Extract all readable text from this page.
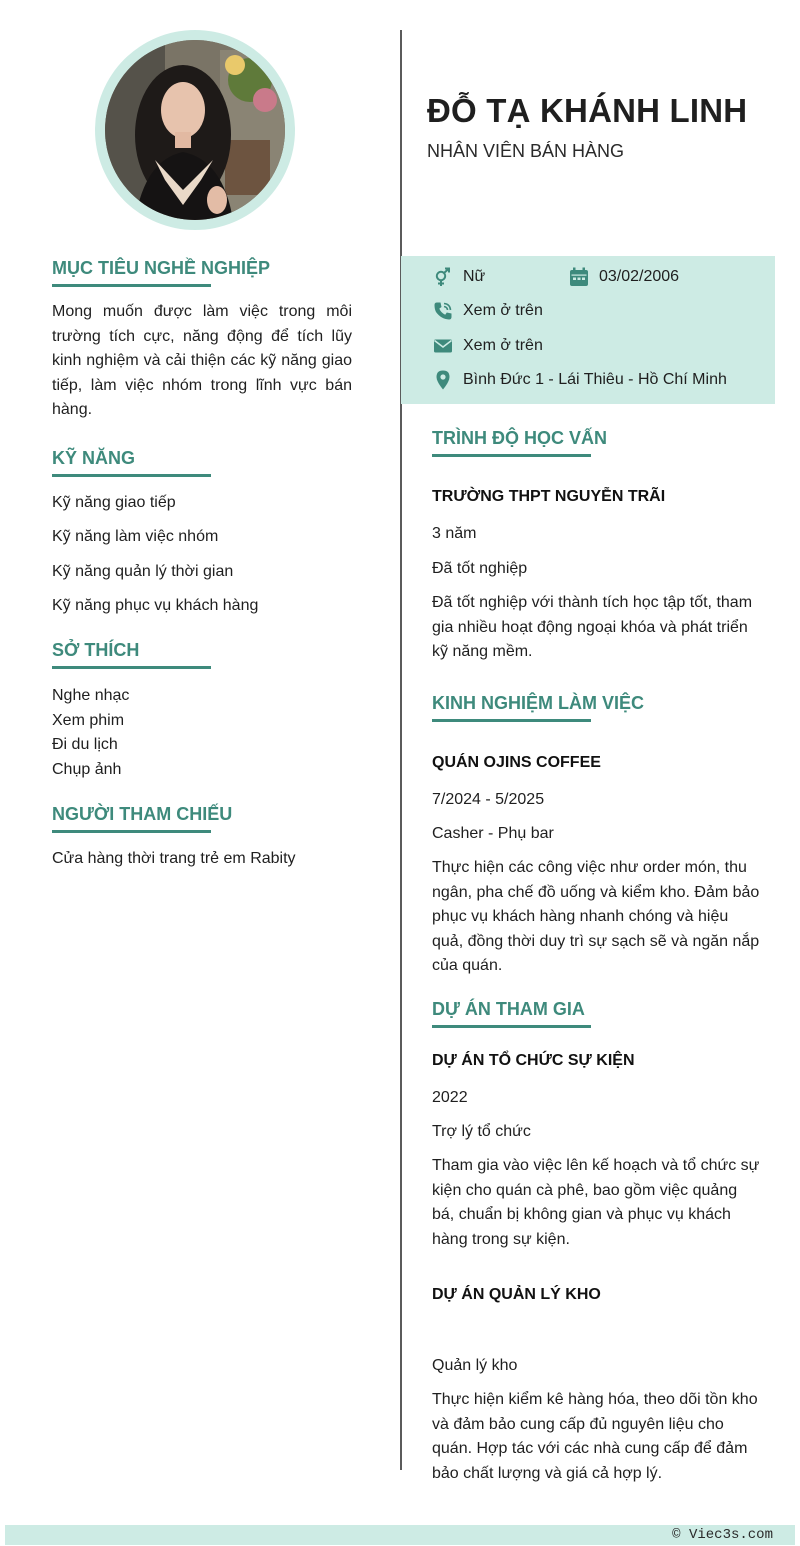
ĐỖ TẠ KHÁNH LINH
NHÂN VIÊN BÁN HÀNG
Nữ	03/02/2006
Xem ở trên
Xem ở trên
Bình Đức 1 - Lái Thiêu - Hồ Chí Minh
MỤC TIÊU NGHỀ NGHIỆP

Mong muốn được làm việc trong môi trường tích cực, năng động để tích lũy kinh nghiệm và cải thiện các kỹ năng giao tiếp, làm việc nhóm trong lĩnh vực bán hàng.

KỸ NĂNG

Kỹ năng giao tiếp

Kỹ năng làm việc nhóm

Kỹ năng quản lý thời gian

Kỹ năng phục vụ khách hàng

SỞ THÍCH

Nghe nhạc

Xem phim

Đi du lịch

Chụp ảnh

NGƯỜI THAM CHIẾU

Cửa hàng thời trang trẻ em Rabity

TRÌNH ĐỘ HỌC VẤN

TRƯỜNG THPT NGUYỄN TRÃI

3 năm

Đã tốt nghiệp

Đã tốt nghiệp với thành tích học tập tốt, tham gia nhiều hoạt động ngoại khóa và phát triển kỹ năng mềm.

KINH NGHIỆM LÀM VIỆC

QUÁN OJINS COFFEE

7/2024 - 5/2025

Casher - Phụ bar

Thực hiện các công việc như order món, thu ngân, pha chế đồ uống và kiểm kho. Đảm bảo phục vụ khách hàng nhanh chóng và hiệu quả, đồng thời duy trì sự sạch sẽ và ngăn nắp của quán.

DỰ ÁN THAM GIA

DỰ ÁN TỔ CHỨC SỰ KIỆN

2022

Trợ lý tổ chức

Tham gia vào việc lên kế hoạch và tổ chức sự kiện cho quán cà phê, bao gồm việc quảng bá, chuẩn bị không gian và phục vụ khách hàng trong sự kiện.

DỰ ÁN QUẢN LÝ KHO

Quản lý kho

Thực hiện kiểm kê hàng hóa, theo dõi tồn kho và đảm bảo cung cấp đủ nguyên liệu cho quán. Hợp tác với các nhà cung cấp để đảm bảo chất lượng và giá cả hợp lý.

© Viec3s.com
